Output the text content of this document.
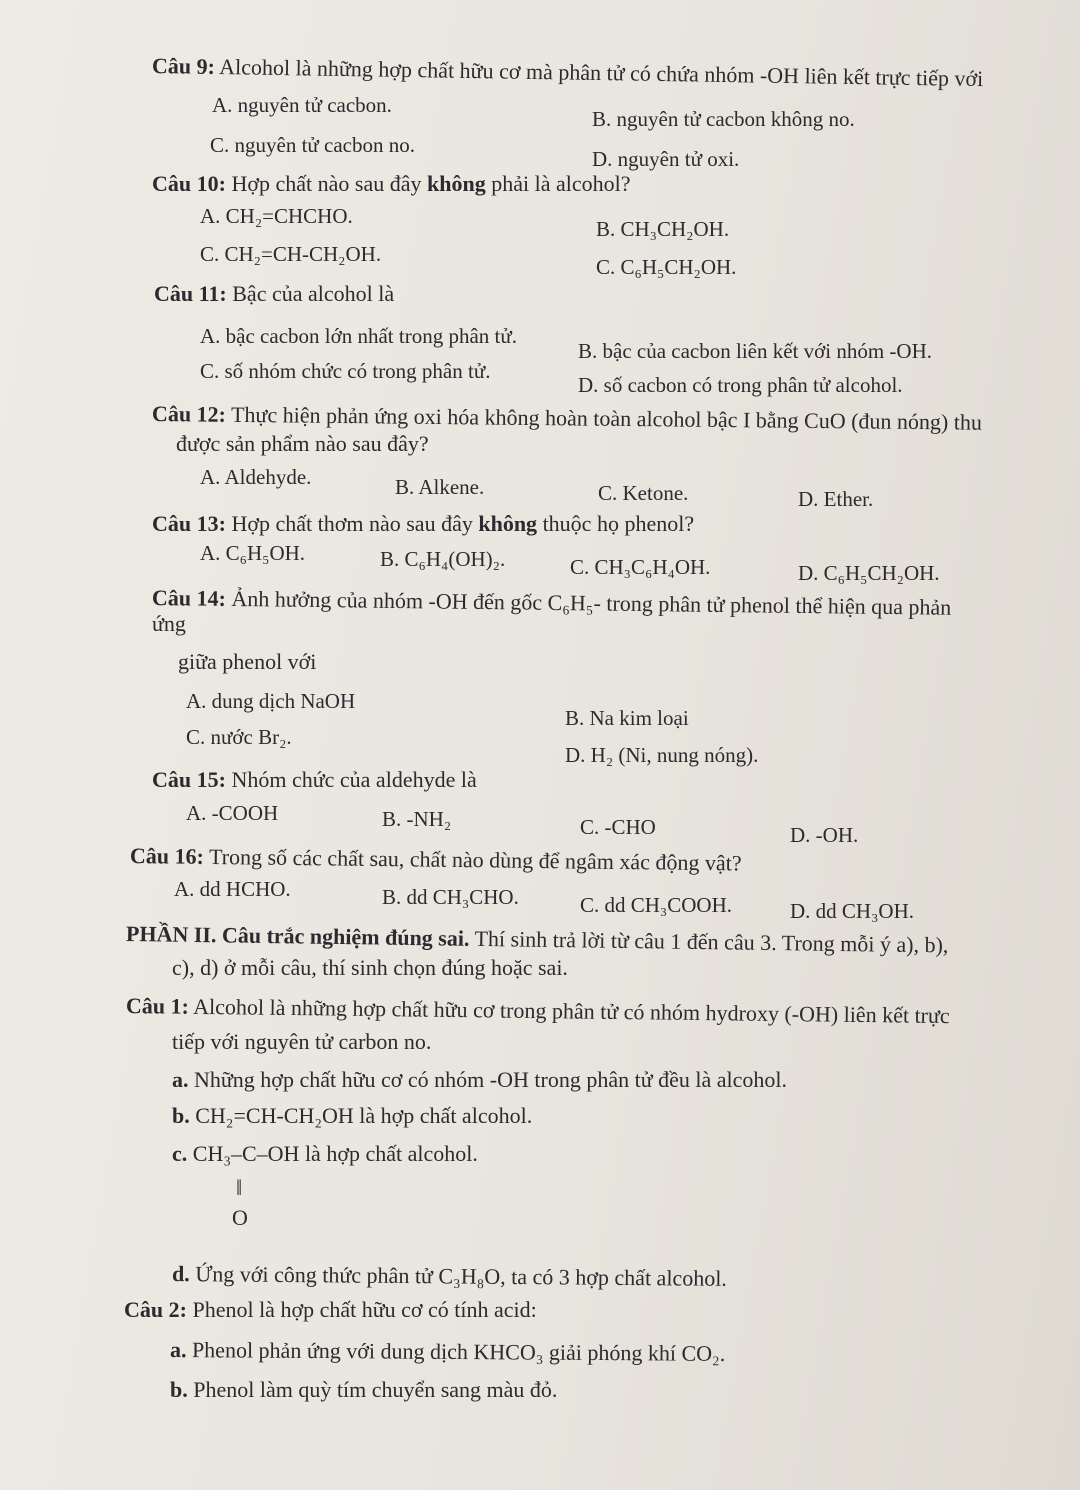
Câu 9: Alcohol là những hợp chất hữu cơ mà phân tử có chứa nhóm -OH liên kết trực tiếp với
A. nguyên tử cacbon.
B. nguyên tử cacbon không no.
C. nguyên tử cacbon no.
D. nguyên tử oxi.
Câu 10: Hợp chất nào sau đây không phải là alcohol?
A. CH₂=CHCHO.
B. CH₃CH₂OH.
C. CH₂=CH-CH₂OH.
C. C₆H₅CH₂OH.
Câu 11: Bậc của alcohol là
A. bậc cacbon lớn nhất trong phân tử.
B. bậc của cacbon liên kết với nhóm -OH.
C. số nhóm chức có trong phân tử.
D. số cacbon có trong phân tử alcohol.
Câu 12: Thực hiện phản ứng oxi hóa không hoàn toàn alcohol bậc I bằng CuO (đun nóng) thu
được sản phẩm nào sau đây?
A. Aldehyde.	B. Alkene.	C. Ketone.	D. Ether.
Câu 13: Hợp chất thơm nào sau đây không thuộc họ phenol?
A. C₆H₅OH.	B. C₆H₄(OH)₂.	C. CH₃C₆H₄OH.	D. C₆H₅CH₂OH.
Câu 14: Ảnh hưởng của nhóm -OH đến gốc C₆H₅- trong phân tử phenol thể hiện qua phản
ứng
giữa phenol với
A. dung dịch NaOH
B. Na kim loại
C. nước Br₂.
D. H₂ (Ni, nung nóng).
Câu 15: Nhóm chức của aldehyde là
A. -COOH	B. -NH₂	C. -CHO	D. -OH.
Câu 16: Trong số các chất sau, chất nào dùng để ngâm xác động vật?
A. dd HCHO.	B. dd CH₃CHO.	C. dd CH₃COOH.	D. dd CH₃OH.
PHẦN II. Câu trắc nghiệm đúng sai. Thí sinh trả lời từ câu 1 đến câu 3. Trong mỗi ý a), b),
c), d) ở mỗi câu, thí sinh chọn đúng hoặc sai.
Câu 1: Alcohol là những hợp chất hữu cơ trong phân tử có nhóm hydroxy (-OH) liên kết trực
tiếp với nguyên tử carbon no.
a. Những hợp chất hữu cơ có nhóm -OH trong phân tử đều là alcohol.
b. CH₂=CH-CH₂OH là hợp chất alcohol.
c. CH₃–C–OH là hợp chất alcohol.
‖
O
d. Ứng với công thức phân tử C₃H₈O, ta có 3 hợp chất alcohol.
Câu 2: Phenol là hợp chất hữu cơ có tính acid:
a. Phenol phản ứng với dung dịch KHCO₃ giải phóng khí CO₂.
b. Phenol làm quỳ tím chuyển sang màu đỏ.
